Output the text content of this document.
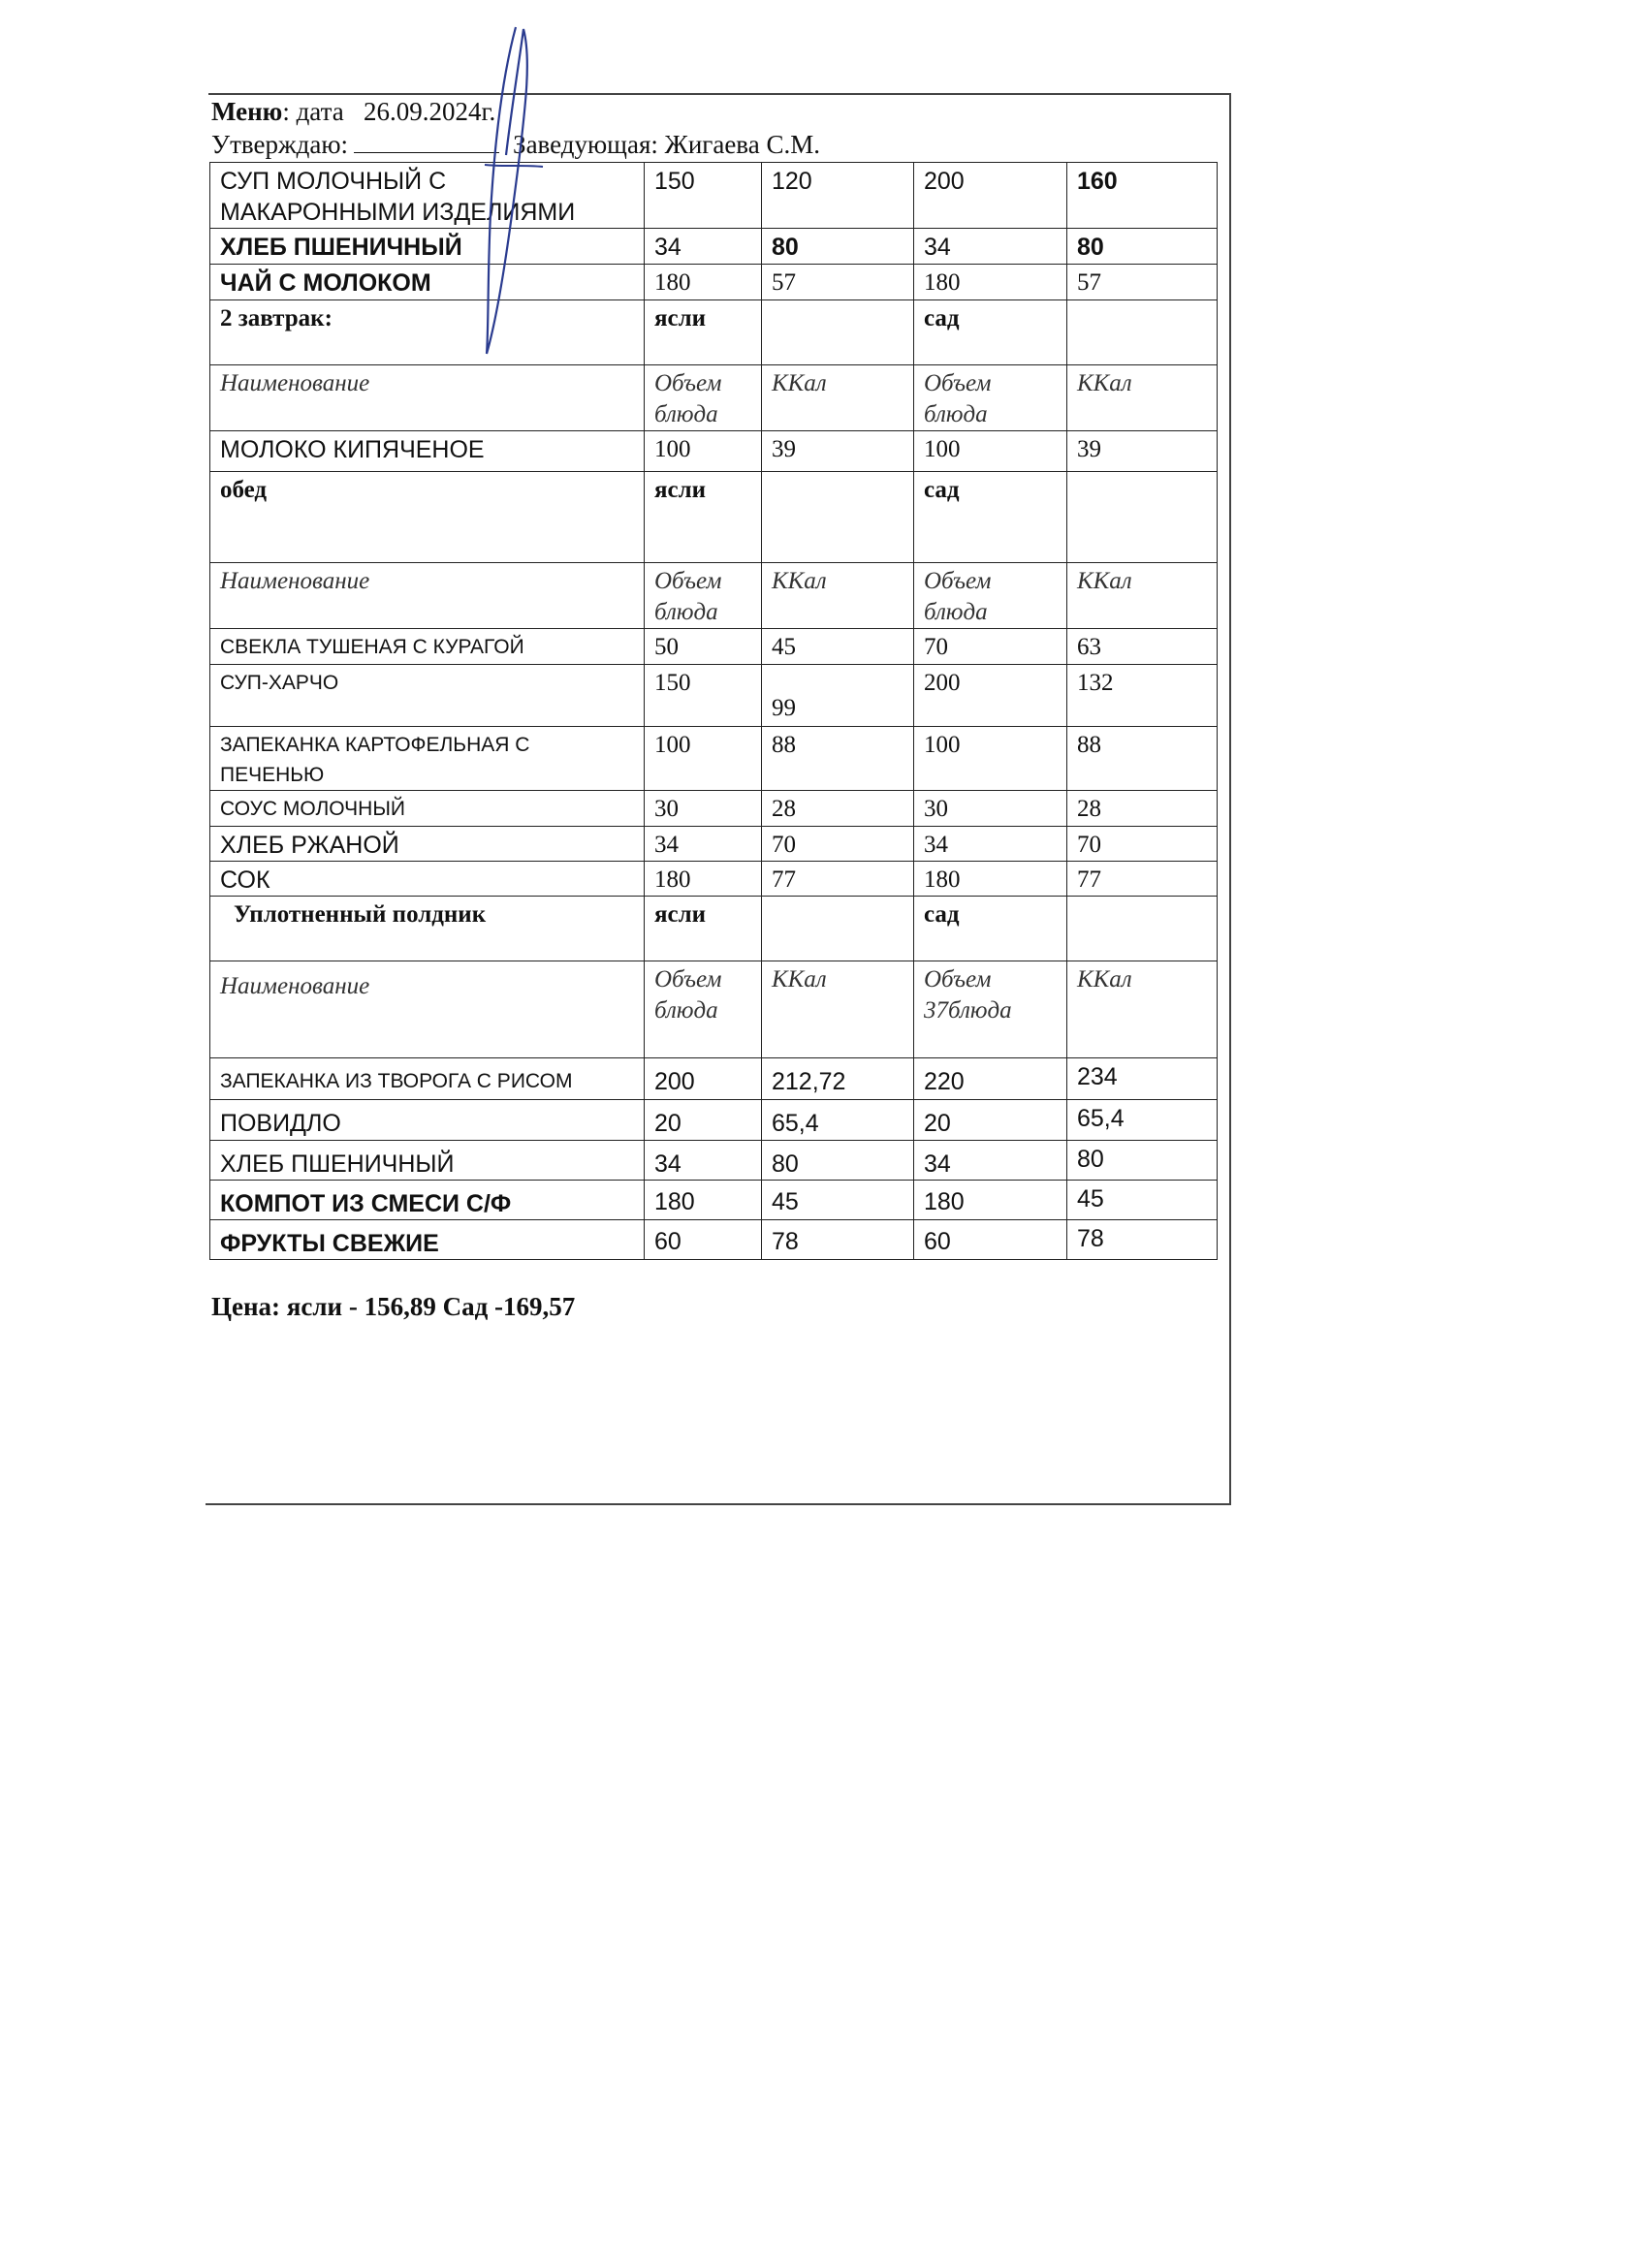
Меню: дата 26.09.2024г.
Утверждаю:	Заведующая: Жигаева С.М.
СУП МОЛОЧНЫЙ С МАКАРОННЫМИ ИЗДЕЛИЯМИ	150	120	200	160
ХЛЕБ ПШЕНИЧНЫЙ	34	80	34	80
ЧАЙ С МОЛОКОМ	180	57	180	57
2 завтрак:	ясли		сад	
Наименование	Объем блюда	ККал	Объем блюда	ККал
МОЛОКО КИПЯЧЕНОЕ	100	39	100	39
обед	ясли		сад	
Наименование	Объем блюда	ККал	Объем блюда	ККал
СВЕКЛА ТУШЕНАЯ С КУРАГОЙ	50	45	70	63
СУП-ХАРЧО	150	99	200	132
ЗАПЕКАНКА КАРТОФЕЛЬНАЯ С ПЕЧЕНЬЮ	100	88	100	88
СОУС МОЛОЧНЫЙ	30	28	30	28
ХЛЕБ РЖАНОЙ	34	70	34	70
СОК	180	77	180	77
Уплотненный полдник	ясли		сад	
Наименование	Объем блюда	ККал	Объем 37блюда	ККал
ЗАПЕКАНКА ИЗ ТВОРОГА С РИСОМ	200	212,72	220	234
ПОВИДЛО	20	65,4	20	65,4
ХЛЕБ ПШЕНИЧНЫЙ	34	80	34	80
КОМПОТ ИЗ СМЕСИ С/Ф	180	45	180	45
ФРУКТЫ СВЕЖИЕ	60	78	60	78
Цена: ясли - 156,89 Сад -169,57
